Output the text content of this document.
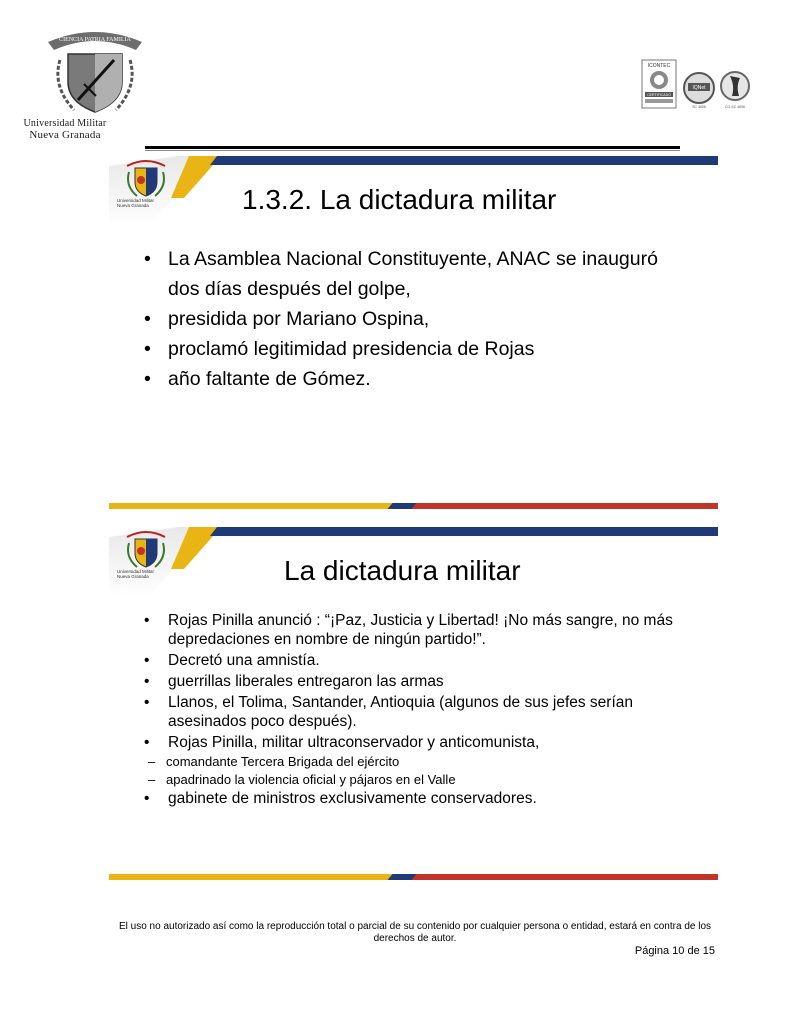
CIENCIA PATRIA FAMILIA
Universidad Militar
Nueva Granada
ICONTEC
CERTIFICADO
IQNet
SC 4606	CO-SC 4606
Universidad Militar
Nueva Granada	1.3.2. La dictadura militar
• La Asamblea Nacional Constituyente, ANAC se inauguró dos días después del golpe,
• presidida por Mariano Ospina,
• proclamó legitimidad presidencia de Rojas
• año faltante de Gómez.
Universidad Militar
Nueva Granada	La dictadura militar
• Rojas Pinilla anunció : “¡Paz, Justicia y Libertad! ¡No más sangre, no más depredaciones en nombre de ningún partido!”.
• Decretó una amnistía.
• guerrillas liberales entregaron las armas
• Llanos, el Tolima, Santander, Antioquia (algunos de sus jefes serían asesinados poco después).
• Rojas Pinilla, militar ultraconservador y anticomunista,
– comandante Tercera Brigada del ejército
– apadrinado la violencia oficial y pájaros en el Valle
• gabinete de ministros exclusivamente conservadores.
El uso no autorizado así como la reproducción total o parcial de su contenido por cualquier persona o entidad, estará en contra de los derechos de autor.
Página 10 de 15
